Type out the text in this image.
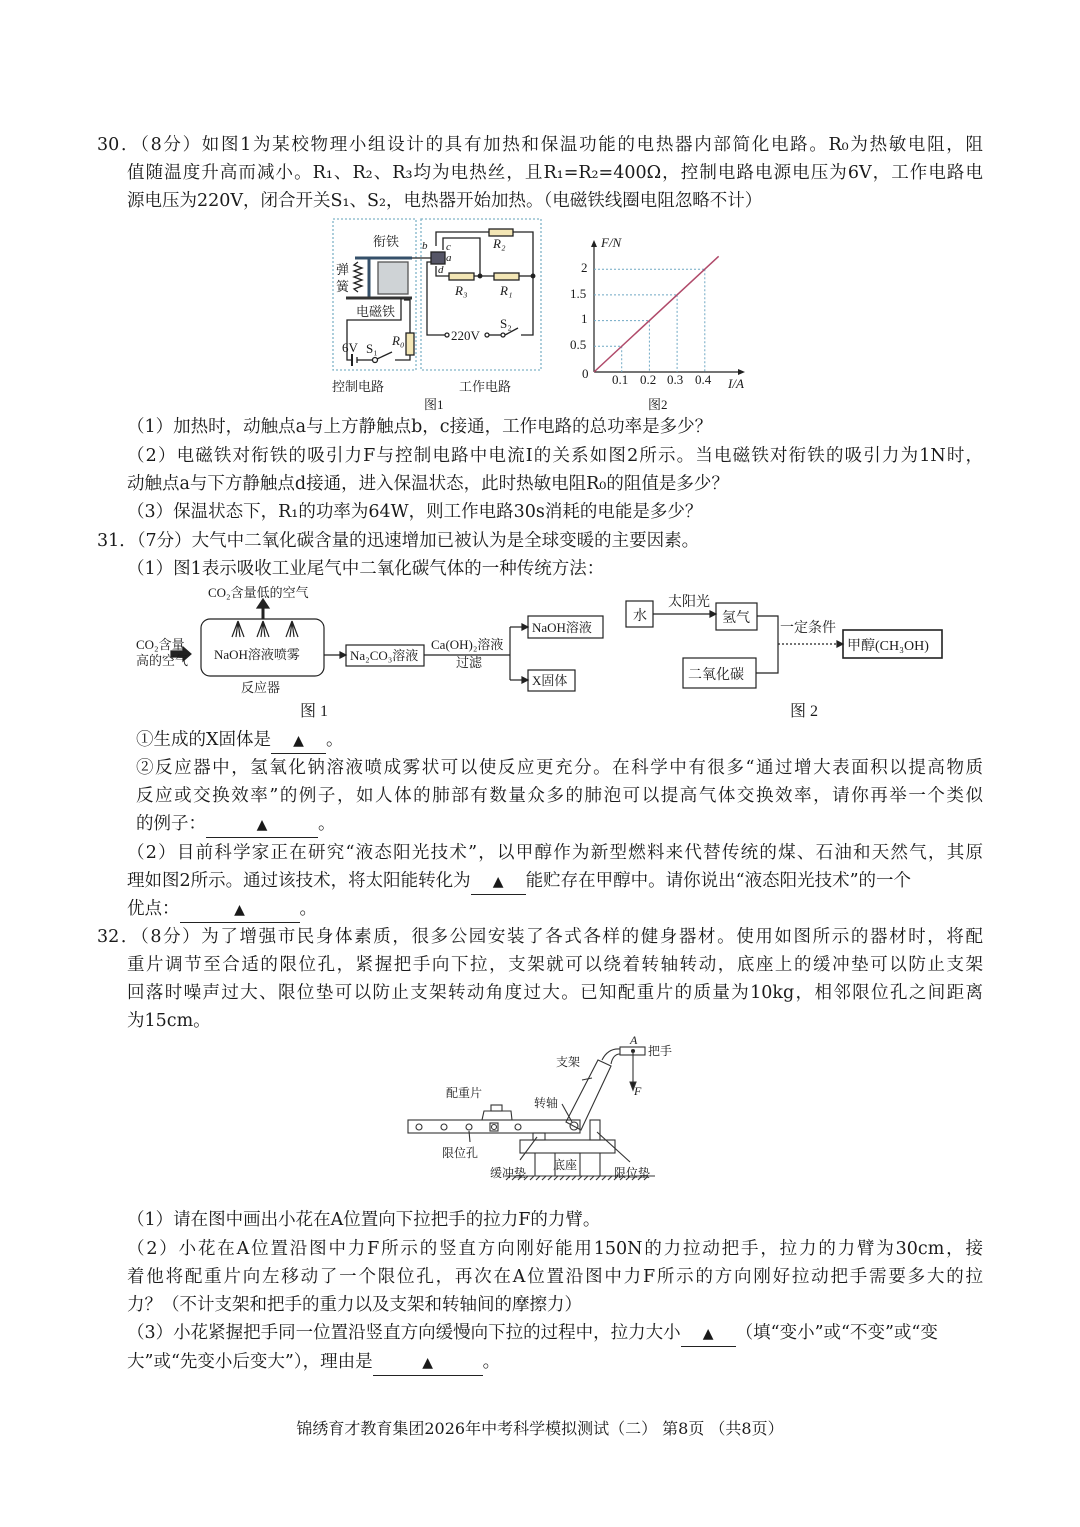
30．（8分）如图1为某校物理小组设计的具有加热和保温功能的电热器内部简化电路。R₀为热敏电阻，阻
值随温度升高而减小。R₁、R₂、R₃均为电热丝，且R₁=R₂=400Ω，控制电路电源电压为6V，工作电路电
源电压为220V，闭合开关S₁、S₂，电热器开始加热。（电磁铁线圈电阻忽略不计）
衔铁
弹
簧
电磁铁
6V S₁
R₀
b c
a
d
R₂
R₃	R₁
220V
S₂
控制电路	工作电路
图1
F/N
I/A
0 0.1 0.2 0.3 0.4
0.5
1
1.5
2
图2
CO₂含量低的空气
CO₂含量
高的空气 NaOH溶液喷雾
反应器
Na₂CO₃溶液
Ca(OH)₂溶液
过滤
NaOH溶液
X固体
图 1
水
太阳光
氢气
一定条件
甲醇(CH₃OH)
二氧化碳
图 2
A
把手
支架
F
配重片
转轴
限位孔
缓冲垫
底座
限位垫
（1）加热时，动触点a与上方静触点b，c接通，工作电路的总功率是多少？
（2）电磁铁对衔铁的吸引力F与控制电路中电流I的关系如图2所示。当电磁铁对衔铁的吸引力为1N时，
动触点a与下方静触点d接通，进入保温状态，此时热敏电阻R₀的阻值是多少？
（3）保温状态下，R₁的功率为64W，则工作电路30s消耗的电能是多少？
31．（7分）大气中二氧化碳含量的迅速增加已被认为是全球变暖的主要因素。
（1）图1表示吸收工业尾气中二氧化碳气体的一种传统方法：
①生成的X固体是 ▲ 。
②反应器中，氢氧化钠溶液喷成雾状可以使反应更充分。在科学中有很多“通过增大表面积以提高物质
反应或交换效率”的例子，如人体的肺部有数量众多的肺泡可以提高气体交换效率，请你再举一个类似
的例子：	▲	。
（2）目前科学家正在研究“液态阳光技术”，以甲醇作为新型燃料来代替传统的煤、石油和天然气，其原
理如图2所示。通过该技术，将太阳能转化为 ▲ 能贮存在甲醇中。请你说出“液态阳光技术”的一个
优点：	▲	。
32．（8分）为了增强市民身体素质，很多公园安装了各式各样的健身器材。使用如图所示的器材时，将配
重片调节至合适的限位孔，紧握把手向下拉，支架就可以绕着转轴转动，底座上的缓冲垫可以防止支架
回落时噪声过大、限位垫可以防止支架转动角度过大。已知配重片的质量为10kg，相邻限位孔之间距离
为15cm。
（1）请在图中画出小花在A位置向下拉把手的拉力F的力臂。
（2）小花在A位置沿图中力F所示的竖直方向刚好能用150N的力拉动把手，拉力的力臂为30cm，接
着他将配重片向左移动了一个限位孔，再次在A位置沿图中力F所示的方向刚好拉动把手需要多大的拉
力？（不计支架和把手的重力以及支架和转轴间的摩擦力）
（3）小花紧握把手同一位置沿竖直方向缓慢向下拉的过程中，拉力大小 ▲ （填“变小”或“不变”或“变
大”或“先变小后变大”），理由是	▲	。
锦绣育才教育集团2026年中考科学模拟测试（二） 第8页 （共8页）
